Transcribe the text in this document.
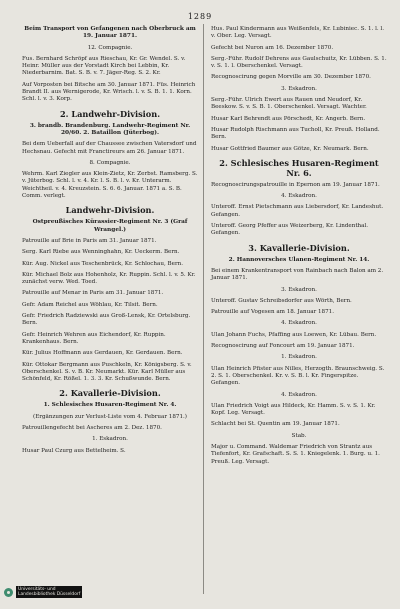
1289
Beim Transport von Gefangenen nach Oberbruck am 19. Januar 1871.
12. Compagnie.
Fus. Bernhard Schröpf aus Rieschau, Kr. Gr. Wendel. S. v. Heinr. Müller aus der Vorstadt Kirch bei Lebbin, Kr. Niederbarnim. Bat. S. B. v. 7. Jäger-Reg. S. 2. Kr.
Auf Vorposten bei Bitsche am 30. Januar 1871. Füs. Heinrich Brandt II. aus Wernigerode, Kr. Wrisch. l. v. S. B. 1. 1. Korn. Schl. l. v. 3. Korp.
2. Landwehr-Division.
3. brandb. Brandenburg. Landwehr-Regiment Nr. 20/60. 2. Bataillon (Jüterbog).
Bei dem Ueberfall auf der Chaussee zwischen Vatersdorf und Hechsnau. Gefecht mit Franctireurs am 26. Januar 1871.
8. Compagnie.
Wehrm. Karl Ziegler aus Klein-Zietz, Kr. Zerbst. Ramsberg. S. v. Jüterbog. Schl. l. v. 4. Kr. l. S. B. l. v. Kr. Unterarm. Weichtheil. v. 4. Kreuzstein. S. 6. 6. Januar. 1871 a. S. B. Comm. verlegt.
Landwehr-Division.
Ostpreußisches Kürassier-Regiment Nr. 3 (Graf Wrangel.)
Patrouille auf Brie in Paris am 31. Januar 1871.
Serg. Karl Riebe aus Wenninghahn, Kr. Ueckerm. Bern.
Kür. Aug. Nickel aus Teschenbrück, Kr. Schlochau, Bern.
Kür. Michael Bolz aus Hohenholz, Kr. Ruppin. Schl. l. v. 5. Kr. zunächst verw. Wed. Toed.
Patrouille auf Menar in Paris am 31. Januar 1871.
Gefr. Adam Reichel aus Wöhlau, Kr. Tilsit. Bern.
Gefr. Friedrich Radziewski aus Groß-Lensk, Kr. Ortelsburg. Bern.
Gefr. Heinrich Wehren aus Eichendorf, Kr. Ruppin. Krankenhaus. Bern.
Kür. Julius Hoffmann aus Gerdauen, Kr. Gerdauen. Bern.
Kür. Ottokar Bergmann aus Puschkeln, Kr. Königsberg. S. v. Oberschenkel. S. v. B. Kr. Neumarkt. Kür. Karl Müller aus Schönfeld, Kr. Rößel. 1. 3. 3. Kr. Schußwunde. Bern.
2. Kavallerie-Division.
1. Schlesisches Husaren-Regiment Nr. 4.
(Ergänzungen zur Verlust-Liste vom 4. Februar 1871.)
Patrouillengefecht bei Ascheres am 2. Dez. 1870.
1. Eskadron.
Husar Paul Czurg aus Bettelheim. S.
Hus. Paul Kindermann aus Weißenfels, Kr. Lubiniec. S. 1. l. l. v. Ober. Leg. Versagt.
Gefecht bei Nuron am 16. Dezember 1870.
Serg.-Führ. Rudolf Dehrens aus Gaulschuitz, Kr. Lübben. S. 1. v. S. 1. l. Oberschenkel. Versagt.
Recognoscirung gegen Morville am 30. Dezember 1870.
3. Eskadron.
Serg.-Führ. Ulrich Ewert aus Rauen und Neudorf, Kr. Beeskow. S. v. S. B. 1. Oberschenkel. Versagt. Wachter.
Husar Karl Behrendt aus Pörschedt, Kr. Angerb. Bern.
Husar Rudolph Rischmann aus Tucholl, Kr. Preuß. Holland. Bern.
Husar Gottfried Baumer aus Götze, Kr. Neumark. Bern.
2. Schlesisches Husaren-Regiment Nr. 6.
Recognoscirungspatrouille in Epernon am 19. Januar 1871.
4. Eskadron.
Unteroff. Ernst Pietschmann aus Liebersdorf, Kr. Landeshut. Gefangen.
Unteroff. Georg Pfeffer aus Weizerberg, Kr. Lindenthal. Gefangen.
3. Kavallerie-Division.
2. Hannoversches Ulanen-Regiment Nr. 14.
Bei einem Krankentransport von Rainbach nach Balon am 2. Januar 1871.
3. Eskadron.
Unteroff. Gustav Schreibsdorfer aus Wörth, Bern.
Patrouille auf Vogesen am 18. Januar 1871.
4. Eskadron.
Ulan Johann Fuchs, Pfaffing aus Loewen, Kr. Lübau. Bern.
Recognoscirung auf Foncourt am 19. Januar 1871.
1. Eskadron.
Ulan Heinrich Pfister aus Nilles, Herzogth. Braunschweig. S. 2. S. 1. Oberschenkel. Kr. v. S. B. l. Kr. Fingerspitze. Gefangen.
4. Eskadron.
Ulan Friedrich Voigt aus Hildeck, Kr. Hamm. S. v. S. 1. Kr. Kopf. Leg. Versagt.
Schlacht bei St. Quentin am 19. Januar 1871.
Stab.
Major u. Command. Waldemar Friedrich von Strantz aus Tiefenfort, Kr. Grafschaft. S. S. 1. Kniegelenk. 1. Burg. u. 1. Preuß. Leg. Versagt.
Universitäts- und
Landesbibliothek Düsseldorf
